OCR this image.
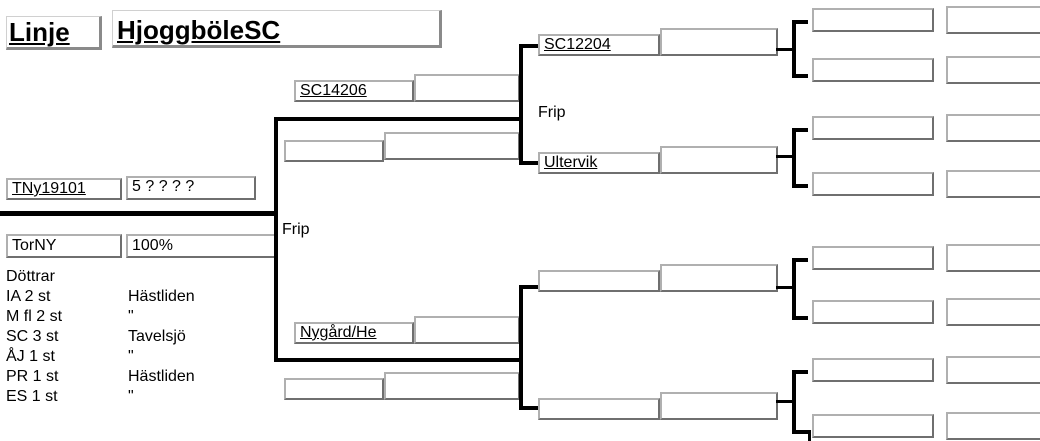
Linje	HjoggböleSC
TNy19101	5 ? ? ? ?
TorNY	100%
Döttrar
IA 2 st	Hästliden
M fl 2 st	"
SC 3 st	Tavelsjö
ÅJ 1 st	"
PR 1 st	Hästliden
ES 1 st	"
Frip
SC14206
Nygård/He
Frip
SC12204
Ultervik
